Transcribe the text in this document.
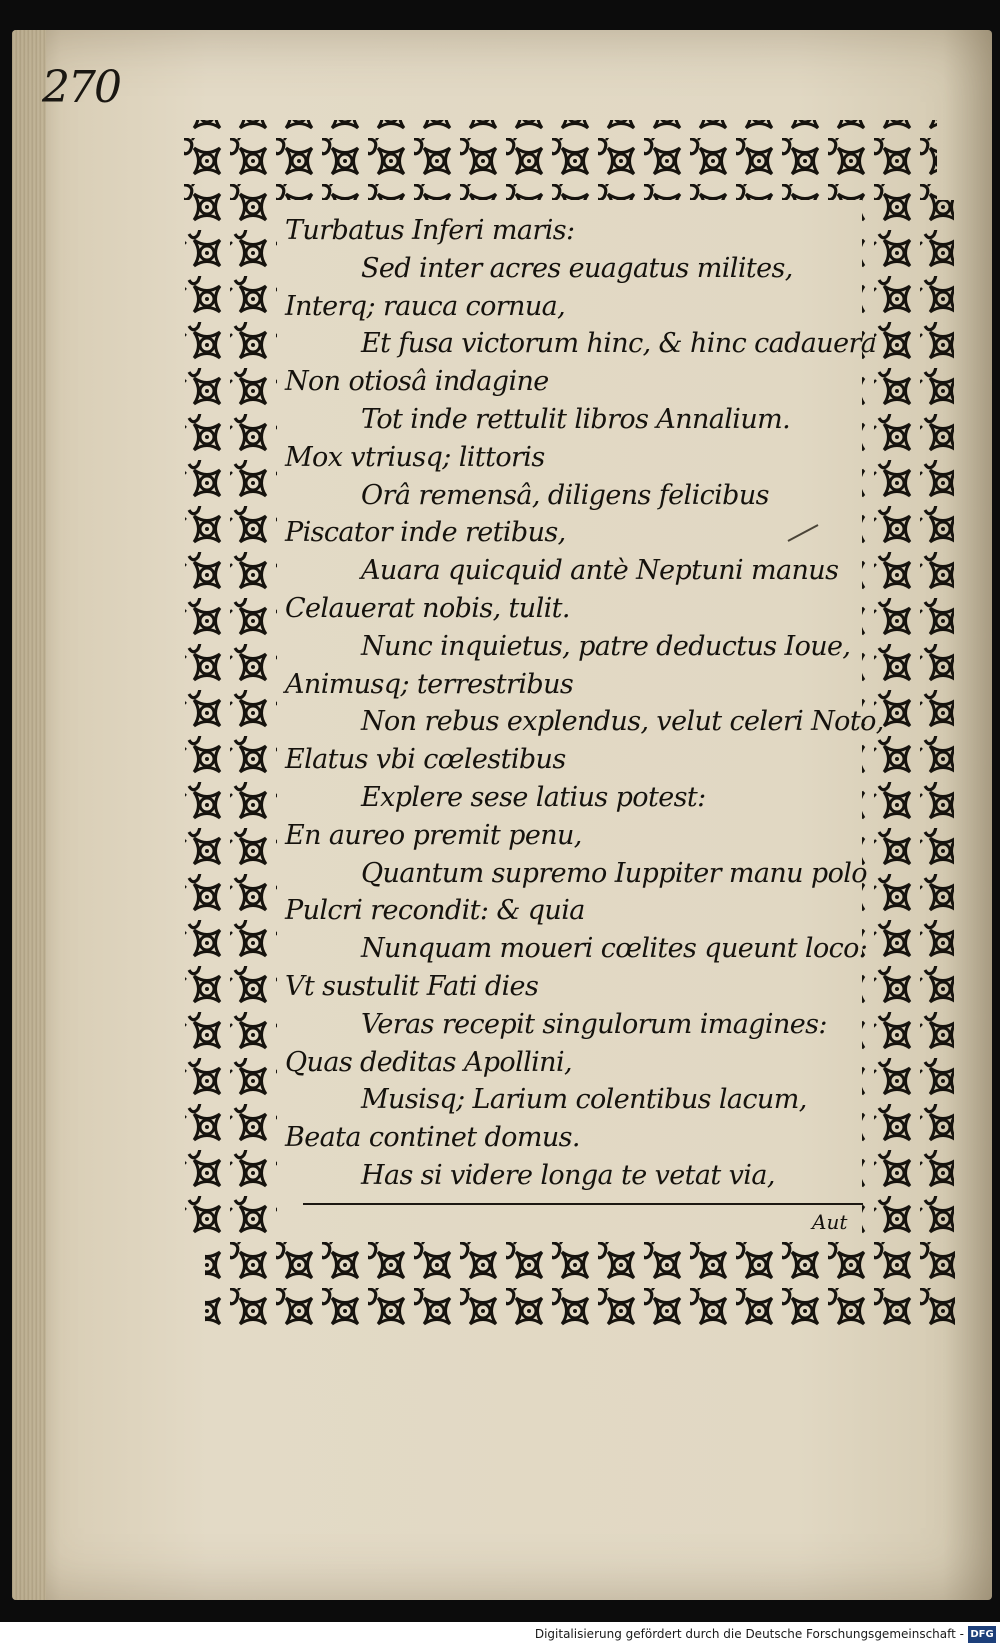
270
Turbatus Inferi maris:
Sed inter acres euagatus milites,
Interq; rauca cornua,
Et fusa victorum hinc, & hinc cadauera
Non otiosâ indagine
Tot inde rettulit libros Annalium.
Mox vtriusq; littoris
Orâ remensâ, diligens felicibus
Piscator inde retibus,
Auara quicquid antè Neptuni manus
Celauerat nobis, tulit.
Nunc inquietus, patre deductus Ioue,
Animusq; terrestribus
Non rebus explendus, velut celeri Noto,
Elatus vbi cœlestibus
Explere sese latius potest:
En aureo premit penu,
Quantum supremo Iuppiter manu polo
Pulcri recondit: & quia
Nunquam moueri cœlites queunt loco:
Vt sustulit Fati dies
Veras recepit singulorum imagines:
Quas deditas Apollini,
Musisq; Larium colentibus lacum,
Beata continet domus.
Has si videre longa te vetat via,
Aut
Digitalisierung gefördert durch die Deutsche Forschungsgemeinschaft - DFG
